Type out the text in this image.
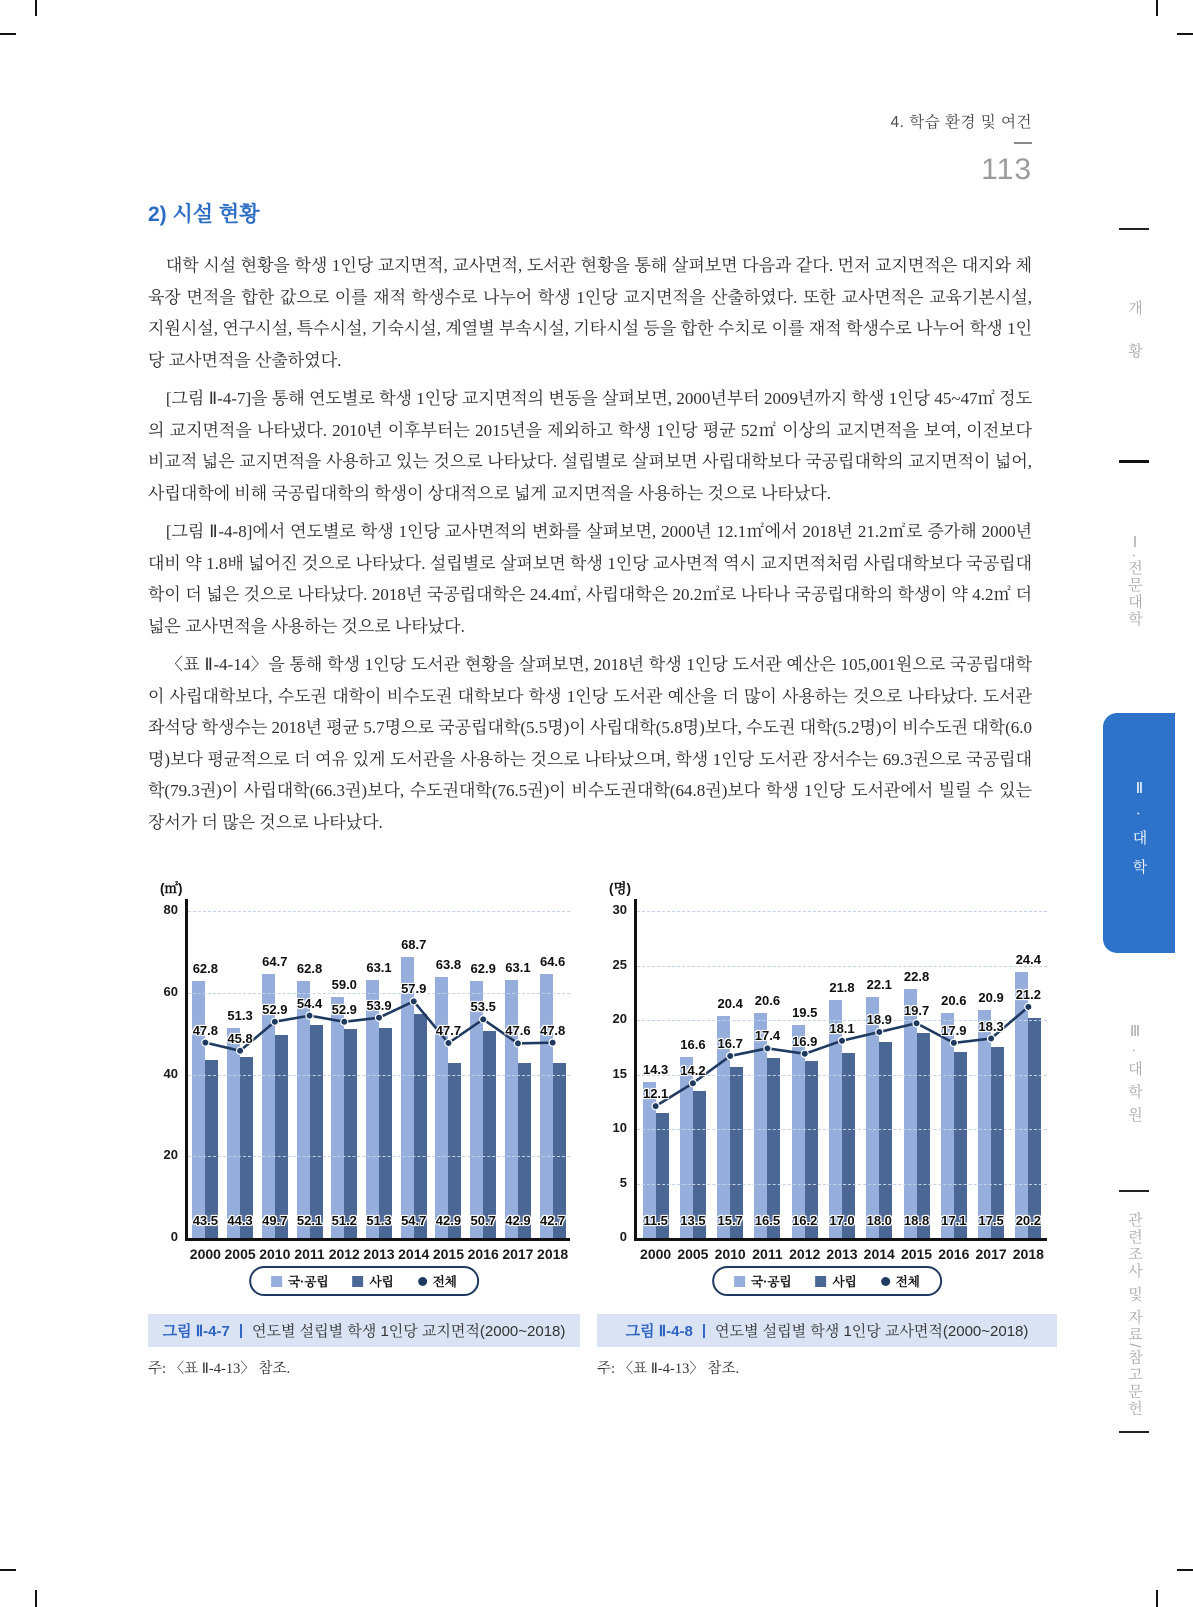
4. 학습 환경 및 여건
113
2) 시설 현황

대학 시설 현황을 학생 1인당 교지면적, 교사면적, 도서관 현황을 통해 살펴보면 다음과 같다. 먼저 교지면적은 대지와 체육장 면적을 합한 값으로 이를 재적 학생수로 나누어 학생 1인당 교지면적을 산출하였다. 또한 교사면적은 교육기본시설, 지원시설, 연구시설, 특수시설, 기숙시설, 계열별 부속시설, 기타시설 등을 합한 수치로 이를 재적 학생수로 나누어 학생 1인당 교사면적을 산출하였다.

[그림 Ⅱ-4-7]을 통해 연도별로 학생 1인당 교지면적의 변동을 살펴보면, 2000년부터 2009년까지 학생 1인당 45~47㎡ 정도의 교지면적을 나타냈다. 2010년 이후부터는 2015년을 제외하고 학생 1인당 평균 52㎡ 이상의 교지면적을 보여, 이전보다 비교적 넓은 교지면적을 사용하고 있는 것으로 나타났다. 설립별로 살펴보면 사립대학보다 국공립대학의 교지면적이 넓어, 사립대학에 비해 국공립대학의 학생이 상대적으로 넓게 교지면적을 사용하는 것으로 나타났다.

[그림 Ⅱ-4-8]에서 연도별로 학생 1인당 교사면적의 변화를 살펴보면, 2000년 12.1㎡에서 2018년 21.2㎡로 증가해 2000년 대비 약 1.8배 넓어진 것으로 나타났다. 설립별로 살펴보면 학생 1인당 교사면적 역시 교지면적처럼 사립대학보다 국공립대학이 더 넓은 것으로 나타났다. 2018년 국공립대학은 24.4㎡, 사립대학은 20.2㎡로 나타나 국공립대학의 학생이 약 4.2㎡ 더 넓은 교사면적을 사용하는 것으로 나타났다.

〈표 Ⅱ-4-14〉을 통해 학생 1인당 도서관 현황을 살펴보면, 2018년 학생 1인당 도서관 예산은 105,001원으로 국공립대학이 사립대학보다, 수도권 대학이 비수도권 대학보다 학생 1인당 도서관 예산을 더 많이 사용하는 것으로 나타났다. 도서관 좌석당 학생수는 2018년 평균 5.7명으로 국공립대학(5.5명)이 사립대학(5.8명)보다, 수도권 대학(5.2명)이 비수도권 대학(6.0명)보다 평균적으로 더 여유 있게 도서관을 사용하는 것으로 나타났으며, 학생 1인당 도서관 장서수는 69.3권으로 국공립대학(79.3권)이 사립대학(66.3권)보다, 수도권대학(76.5권)이 비수도권대학(64.8권)보다 학생 1인당 도서관에서 빌릴 수 있는 장서가 더 많은 것으로 나타났다.

(㎡)
0
20
40
60
80
62.8
51.3
64.7
62.8
59.0
63.1
68.7
63.8 62.9 63.1 64.6
43.5 44.3 49.7 52.1 51.2 51.3 54.7 42.9 50.7 42.9 42.7
47.8
45.8
52.9 54.4 52.9 53.9
57.9
47.7
53.5
47.6 47.8
2000 2005 2010 2011 2012 2013 2014 2015 2016 2017 2018
국·공립	사립	전체
그림 Ⅱ-4-7 | 연도별 설립별 학생 1인당 교지면적(2000~2018)
주: 〈표 Ⅱ-4-13〉 참조.
(명)
0
5
10
15
20
25
30
14.3
16.6
20.4 20.6
19.5
21.8 22.1
22.8
20.6 20.9
24.4
11.5 13.5 15.7 16.5 16.2 17.0 18.0 18.8 17.1 17.5 20.2
12.1
14.2
16.7
17.4 16.9
18.1
18.9
19.7
17.9 18.3
21.2
2000 2005 2010 2011 2012 2013 2014 2015 2016 2017 2018
국·공립	사립	전체
그림 Ⅱ-4-8 | 연도별 설립별 학생 1인당 교사면적(2000~2018)
주: 〈표 Ⅱ-4-13〉 참조.
개황
Ⅰ·전문대학
Ⅱ·대학
Ⅲ·대학원
관련조사 및 자료/참고문헌
